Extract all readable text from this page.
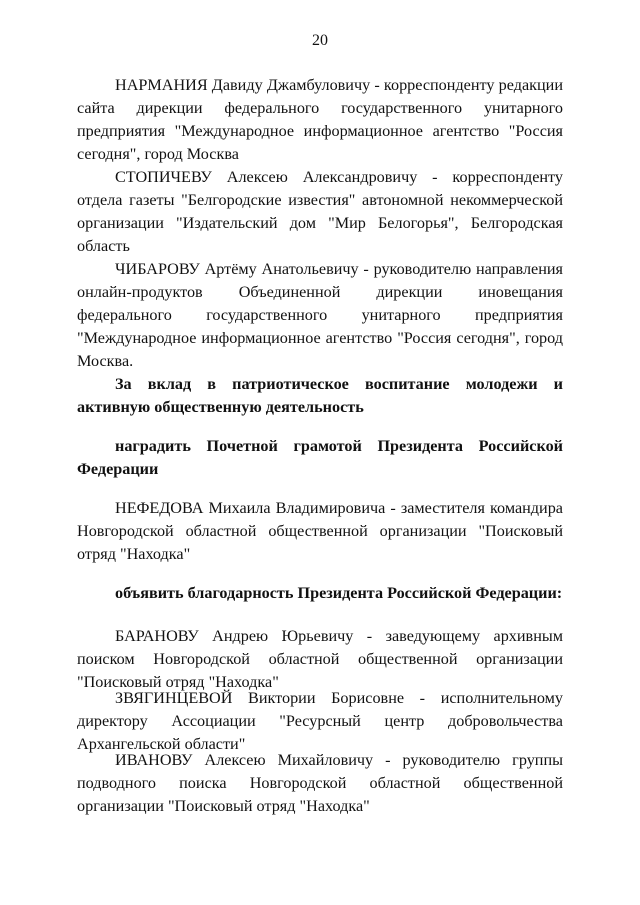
20

НАРМАНИЯ Давиду Джамбуловичу - корреспонденту редакции сайта дирекции федерального государственного унитарного предприятия "Международное информационное агентство "Россия сегодня", город Москва

СТОПИЧЕВУ Алексею Александровичу - корреспонденту отдела газеты "Белгородские известия" автономной некоммерческой организации "Издательский дом "Мир Белогорья", Белгородская область

ЧИБАРОВУ Артёму Анатольевичу - руководителю направления онлайн-продуктов Объединенной дирекции иновещания федерального государственного унитарного предприятия "Международное информационное агентство "Россия сегодня", город Москва.

За вклад в патриотическое воспитание молодежи и активную общественную деятельность

наградить Почетной грамотой Президента Российской Федерации

НЕФЕДОВА Михаила Владимировича - заместителя командира Новгородской областной общественной организации "Поисковый отряд "Находка"

объявить благодарность Президента Российской Федерации:

БАРАНОВУ Андрею Юрьевичу - заведующему архивным поиском Новгородской областной общественной организации "Поисковый отряд "Находка"

ЗВЯГИНЦЕВОЙ Виктории Борисовне - исполнительному директору Ассоциации "Ресурсный центр добровольчества Архангельской области"

ИВАНОВУ Алексею Михайловичу - руководителю группы подводного поиска Новгородской областной общественной организации "Поисковый отряд "Находка"
